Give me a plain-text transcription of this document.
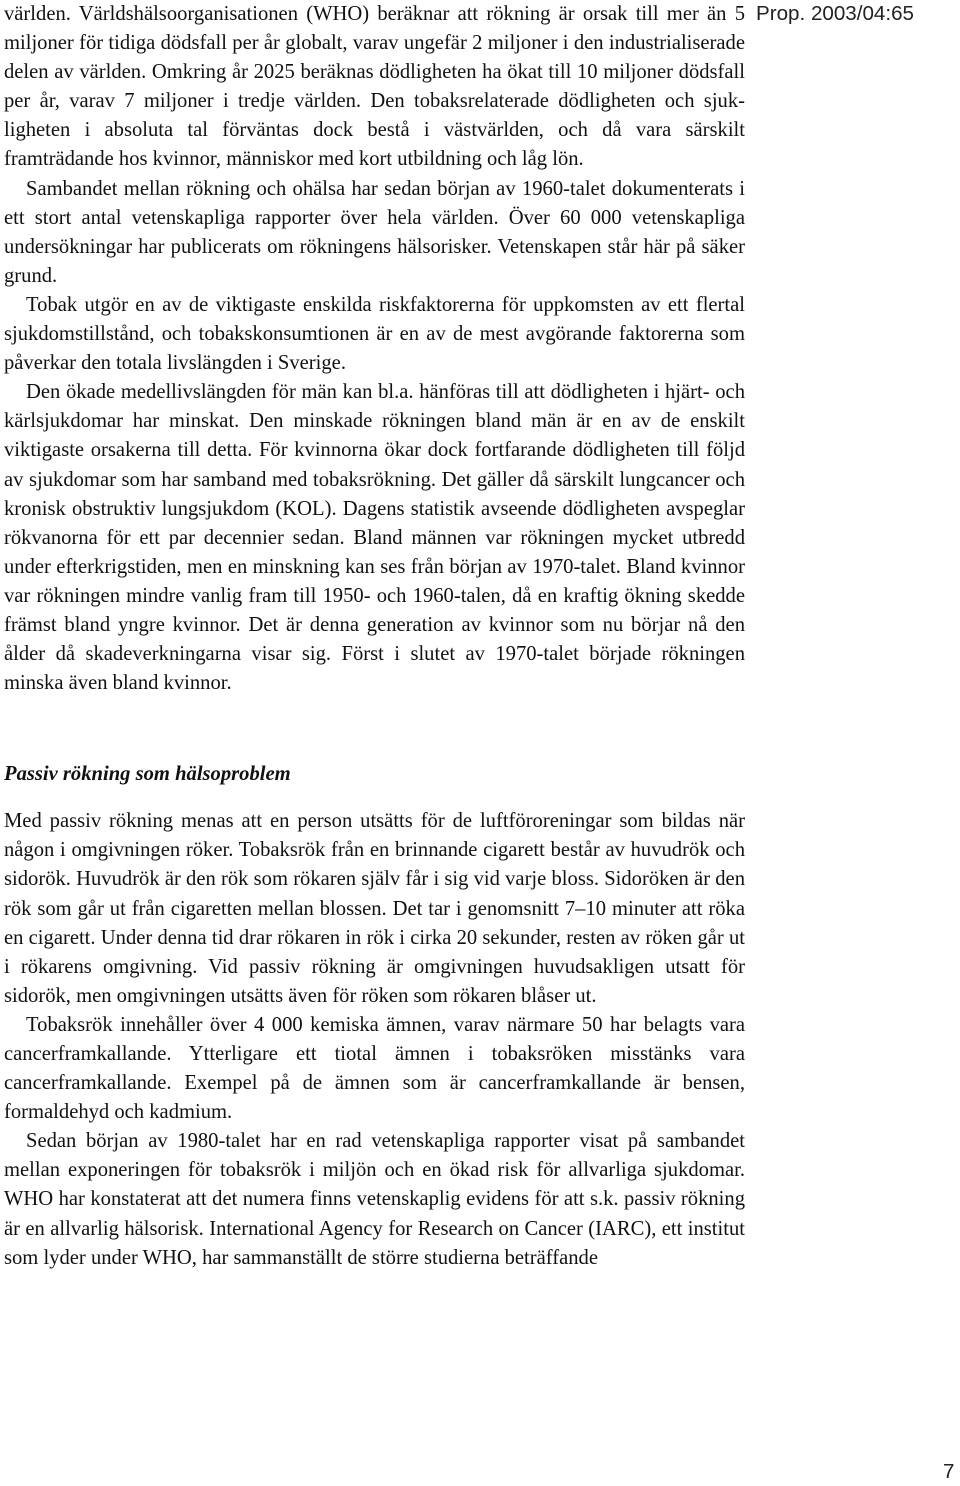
världen. Världshälsoorganisationen (WHO) beräknar att rökning är orsak till mer än 5 miljoner för tidiga dödsfall per år globalt, varav ungefär 2 miljoner i den industrialiserade delen av världen. Omkring år 2025 beräknas dödligheten ha ökat till 10 miljoner dödsfall per år, varav 7 miljoner i tredje världen. Den tobaksrelaterade dödligheten och sjukligheten i absoluta tal förväntas dock bestå i västvärlden, och då vara särskilt framträdande hos kvinnor, människor med kort utbildning och låg lön.

Sambandet mellan rökning och ohälsa har sedan början av 1960-talet dokumenterats i ett stort antal vetenskapliga rapporter över hela världen. Över 60 000 vetenskapliga undersökningar har publicerats om rökningens hälsorisker. Vetenskapen står här på säker grund.

Tobak utgör en av de viktigaste enskilda riskfaktorerna för uppkomsten av ett flertal sjukdomstillstånd, och tobakskonsumtionen är en av de mest avgörande faktorerna som påverkar den totala livslängden i Sverige.

Den ökade medellivslängden för män kan bl.a. hänföras till att dödligheten i hjärt- och kärlsjukdomar har minskat. Den minskade rökningen bland män är en av de enskilt viktigaste orsakerna till detta. För kvinnorna ökar dock fortfarande dödligheten till följd av sjukdomar som har samband med tobaksrökning. Det gäller då särskilt lungcancer och kronisk obstruktiv lungsjukdom (KOL). Dagens statistik avseende dödligheten avspeglar rökvanorna för ett par decennier sedan. Bland männen var rökningen mycket utbredd under efterkrigstiden, men en minskning kan ses från början av 1970-talet. Bland kvinnor var rökningen mindre vanlig fram till 1950- och 1960-talen, då en kraftig ökning skedde främst bland yngre kvinnor. Det är denna generation av kvinnor som nu börjar nå den ålder då skadeverkningarna visar sig. Först i slutet av 1970-talet började rökningen minska även bland kvinnor.

Passiv rökning som hälsoproblem

Med passiv rökning menas att en person utsätts för de luftföroreningar som bildas när någon i omgivningen röker. Tobaksrök från en brinnande cigarett består av huvudrök och sidorök. Huvudrök är den rök som rökaren själv får i sig vid varje bloss. Sidoröken är den rök som går ut från cigaretten mellan blossen. Det tar i genomsnitt 7–10 minuter att röka en cigarett. Under denna tid drar rökaren in rök i cirka 20 sekunder, resten av röken går ut i rökarens omgivning. Vid passiv rökning är omgivningen huvudsakligen utsatt för sidorök, men omgivningen utsätts även för röken som rökaren blåser ut.

Tobaksrök innehåller över 4 000 kemiska ämnen, varav närmare 50 har belagts vara cancerframkallande. Ytterligare ett tiotal ämnen i tobaksröken misstänks vara cancerframkallande. Exempel på de ämnen som är cancerframkallande är bensen, formaldehyd och kadmium.

Sedan början av 1980-talet har en rad vetenskapliga rapporter visat på sambandet mellan exponeringen för tobaksrök i miljön och en ökad risk för allvarliga sjukdomar. WHO har konstaterat att det numera finns vetenskaplig evidens för att s.k. passiv rökning är en allvarlig hälsorisk. International Agency for Research on Cancer (IARC), ett institut som lyder under WHO, har sammanställt de större studierna beträffande

Prop. 2003/04:65
7
